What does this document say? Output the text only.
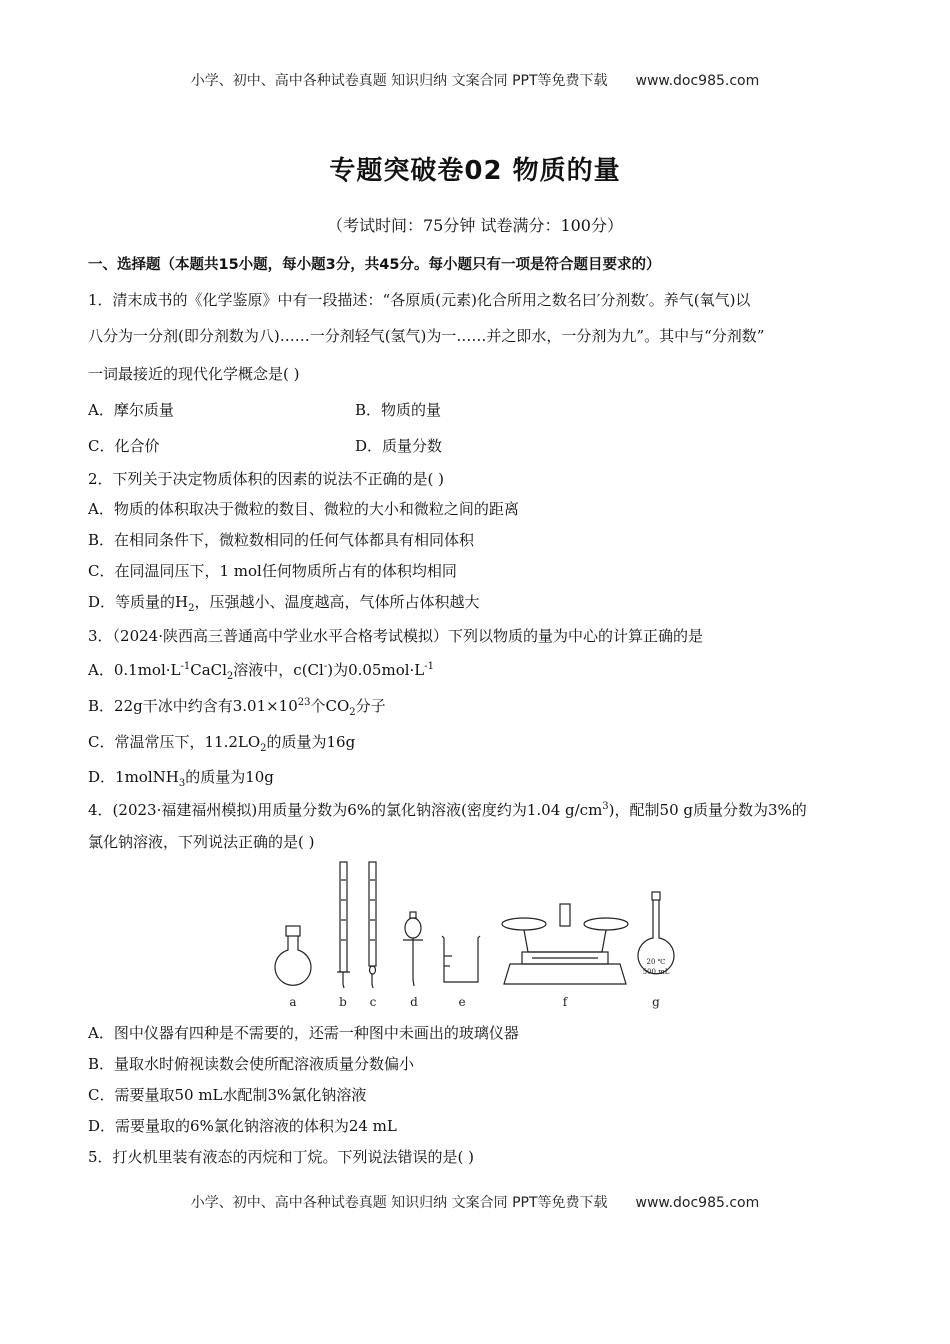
小学、初中、高中各种试卷真题 知识归纳 文案合同 PPT等免费下载 www.doc985.com
专题突破卷02 物质的量
（考试时间：75分钟 试卷满分：100分）
一、选择题（本题共15小题，每小题3分，共45分。每小题只有一项是符合题目要求的）
1．清末成书的《化学鉴原》中有一段描述：“各原质(元素)化合所用之数名曰′分剂数′。养气(氧气)以
八分为一分剂(即分剂数为八)……一分剂轻气(氢气)为一……并之即水，一分剂为九”。其中与“分剂数”
一词最接近的现代化学概念是( )
A．摩尔质量	B．物质的量
C．化合价	D．质量分数
2．下列关于决定物质体积的因素的说法不正确的是( )
A．物质的体积取决于微粒的数目、微粒的大小和微粒之间的距离
B．在相同条件下，微粒数相同的任何气体都具有相同体积
C．在同温同压下，1 mol任何物质所占有的体积均相同
D．等质量的$H_2$，压强越小、温度越高，气体所占体积越大
3．（2024·陕西高三普通高中学业水平合格考试模拟）下列以物质的量为中心的计算正确的是
A．$0.1mol\cdot L^{-1}CaCl_2$溶液中，c(Cl-)为$0.05mol\cdot L^{-1}$
B．22g干冰中约含有$3.01\times 10^{23}$个$CO_2$分子
C．常温常压下，$11.2LO_2$的质量为16g
D．1molNH$_3$的质量为10g
4．(2023·福建福州模拟)用质量分数为6%的氯化钠溶液(密度约为1.04 $g/cm^3$)，配制50 g质量分数为3%的
氯化钠溶液，下列说法正确的是( )
20 ℃
500 mL
a	b c	d	e	f	g
A．图中仪器有四种是不需要的，还需一种图中未画出的玻璃仪器
B．量取水时俯视读数会使所配溶液质量分数偏小
C．需要量取50 mL水配制3%氯化钠溶液
D．需要量取的6%氯化钠溶液的体积为24 mL
5．打火机里装有液态的丙烷和丁烷。下列说法错误的是( )
小学、初中、高中各种试卷真题 知识归纳 文案合同 PPT等免费下载 www.doc985.com
